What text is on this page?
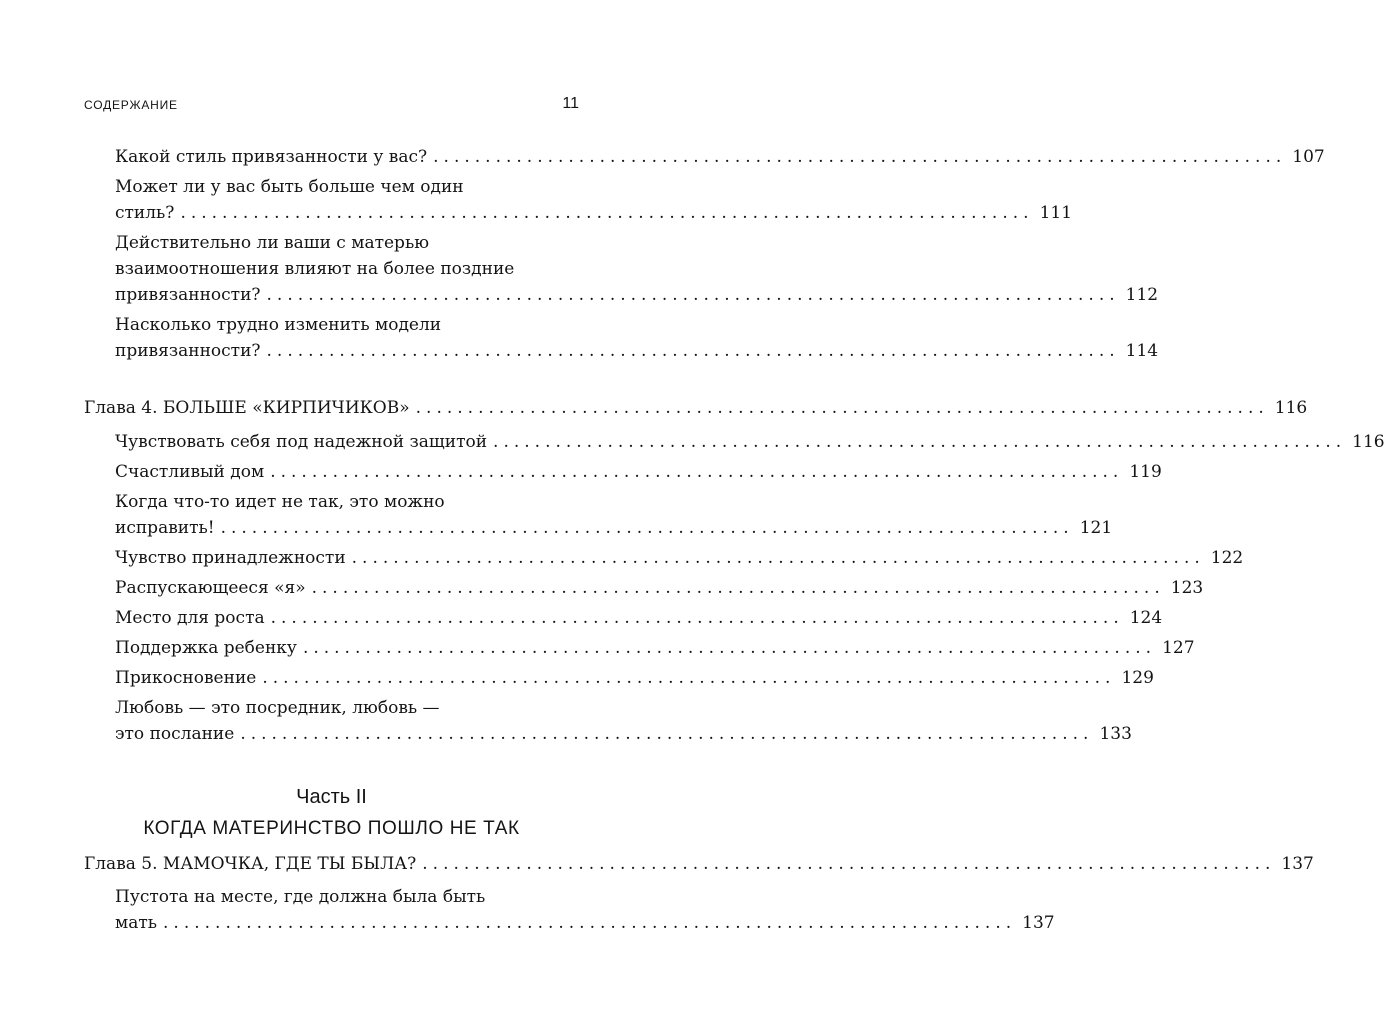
СОДЕРЖАНИЕ	11
Какой стиль привязанности у вас? .................................................................................. 107
Может ли у вас быть больше чем один
стиль? .................................................................................. 111
Действительно ли ваши с матерью
взаимоотношения влияют на более поздние
привязанности? .................................................................................. 112
Насколько трудно изменить модели
привязанности? .................................................................................. 114
Глава 4. БОЛЬШЕ «КИРПИЧИКОВ» .................................................................................. 116
Чувствовать себя под надежной защитой .................................................................................. 116
Счастливый дом .................................................................................. 119
Когда что-то идет не так, это можно
исправить! .................................................................................. 121
Чувство принадлежности .................................................................................. 122
Распускающееся «я» .................................................................................. 123
Место для роста .................................................................................. 124
Поддержка ребенку .................................................................................. 127
Прикосновение .................................................................................. 129
Любовь — это посредник, любовь —
это послание .................................................................................. 133
Часть II
КОГДА МАТЕРИНСТВО ПОШЛО НЕ ТАК
Глава 5. МАМОЧКА, ГДЕ ТЫ БЫЛА? .................................................................................. 137
Пустота на месте, где должна была быть
мать .................................................................................. 137
